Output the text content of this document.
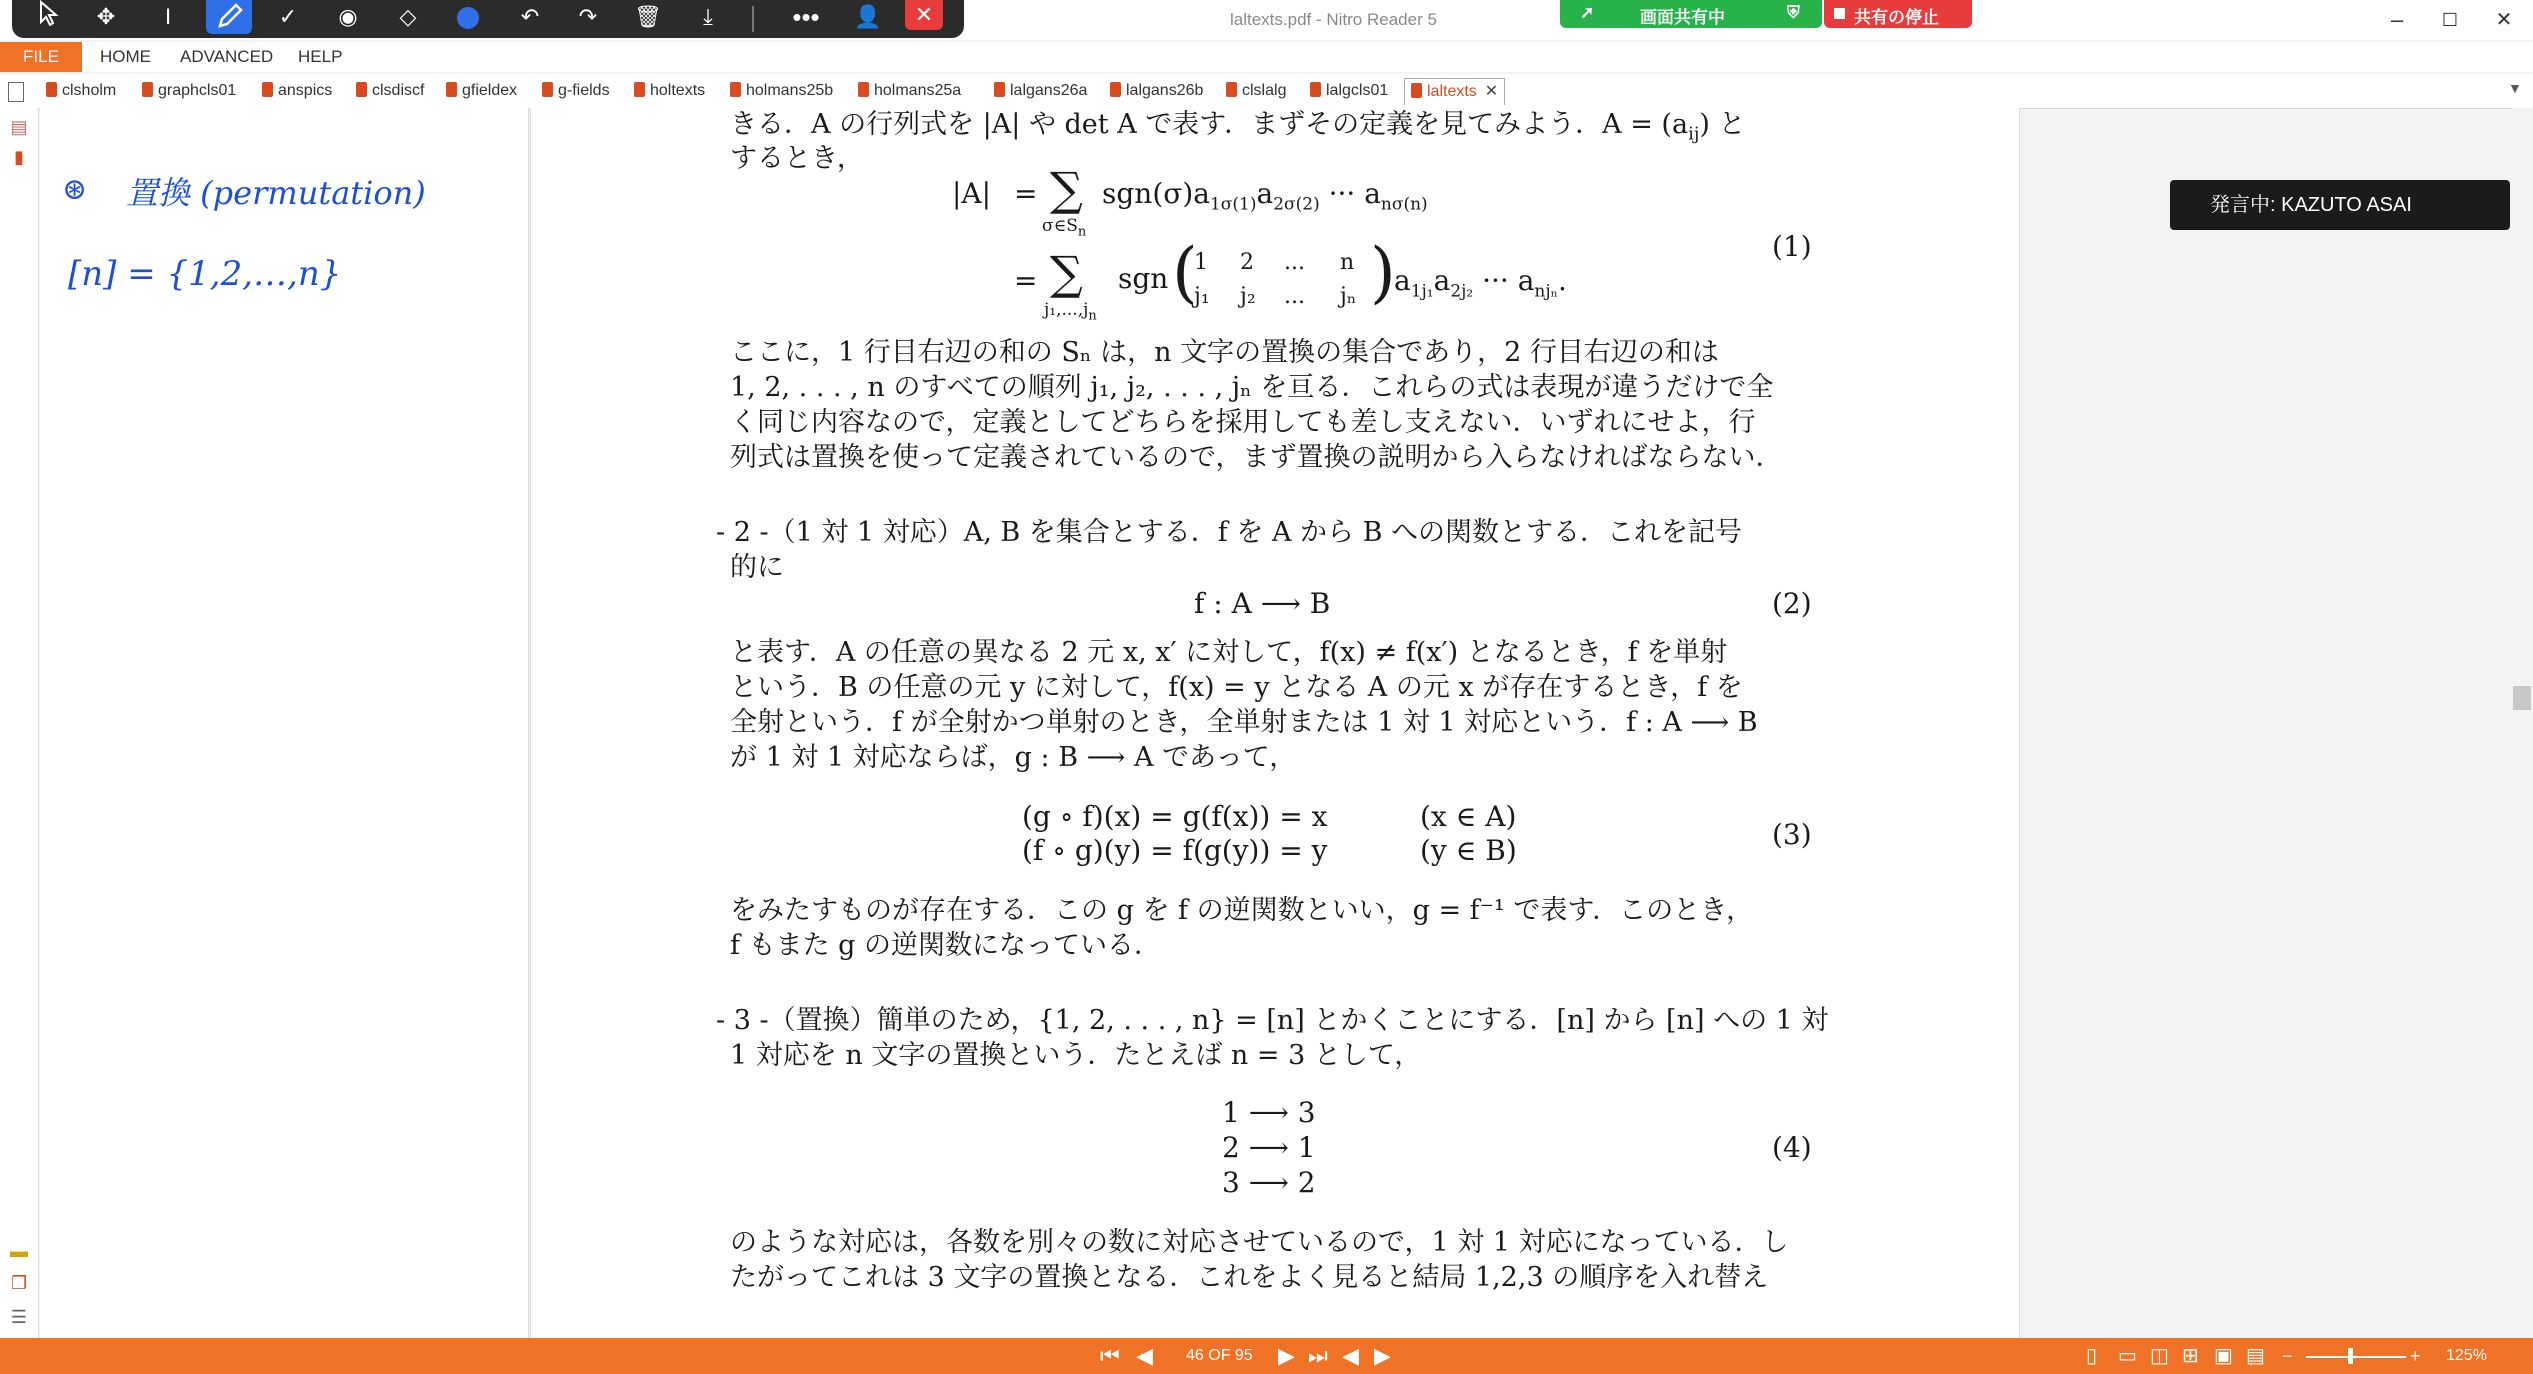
laltexts.pdf - Nitro Reader 5	–	☐	✕
✥	I	✓	◉	◇	↶	↷	🗑	⤓	•••	👤	✕	➚	画面共有中	⛨	共有の停止
FILE	HOME ADVANCED HELP
clsholm	graphcls01	anspics	clsdiscf	gfieldex	g-fields	holtexts	holmans25b	holmans25a	lalgans26a	lalgans26b	clslalg	lalgcls01	laltexts ✕	▼
▤
▮
▬
❐
☰
⊛ 置換 (permutation)
[n] = {1,2,…,n}
きる．A の行列式を |A| や det A で表す．まずその定義を見てみよう．$A = (a_{ij})$ と
するとき，
|A| = ∑
$\sigma\in S_n$
$sgn(\sigma)a_{1\sigma(1)}a_{2\sigma(2)}$ ··· $a_{n\sigma(n)}$
= ∑
$j_1,...,j_n$
sgn (
1 2 ... n
j₁ j₂ ... jₙ )
$a_{1j_1}a_{2j_2}$ ··· $a_{nj_n}$.
(1)
ここに，1 行目右辺の和の Sₙ は，n 文字の置換の集合であり，2 行目右辺の和は
1, 2, . . . , n のすべての順列 j₁, j₂, . . . , jₙ を亘る．これらの式は表現が違うだけで全
く同じ内容なので，定義としてどちらを採用しても差し支えない．いずれにせよ，行
列式は置換を使って定義されているので，まず置換の説明から入らなければならない．
- 2 -（1 対 1 対応）A, B を集合とする．f を A から B への関数とする．これを記号
的に
f : A ⟶ B	(2)
と表す．A の任意の異なる 2 元 x, x′ に対して，f(x) ≠ f(x′) となるとき，f を単射
という．B の任意の元 y に対して，f(x) = y となる A の元 x が存在するとき，f を
全射という．f が全射かつ単射のとき，全単射または 1 対 1 対応という．f : A ⟶ B
が 1 対 1 対応ならば，g : B ⟶ A であって，
(g ∘ f)(x) = g(f(x)) = x	(x ∈ A)
(f ∘ g)(y) = f(g(y)) = y	(y ∈ B)	(3)
をみたすものが存在する．この g を f の逆関数といい，g = f⁻¹ で表す．このとき，
f もまた g の逆関数になっている．
- 3 -（置換）簡単のため，{1, 2, . . . , n} = [n] とかくことにする．[n] から [n] への 1 対
1 対応を n 文字の置換という．たとえば n = 3 として，
1 ⟶ 3
2 ⟶ 1
3 ⟶ 2
(4)
のような対応は，各数を別々の数に対応させているので，1 対 1 対応になっている．し
たがってこれは 3 文字の置換となる．これをよく見ると結局 1,2,3 の順序を入れ替え
発言中: KAZUTO ASAI
⏮ ◀ 46 OF 95 ▶ ⏭ ◀ ▶	▯ ▭ ◫ ⊞ ▣ ▤ −	+ 125%
